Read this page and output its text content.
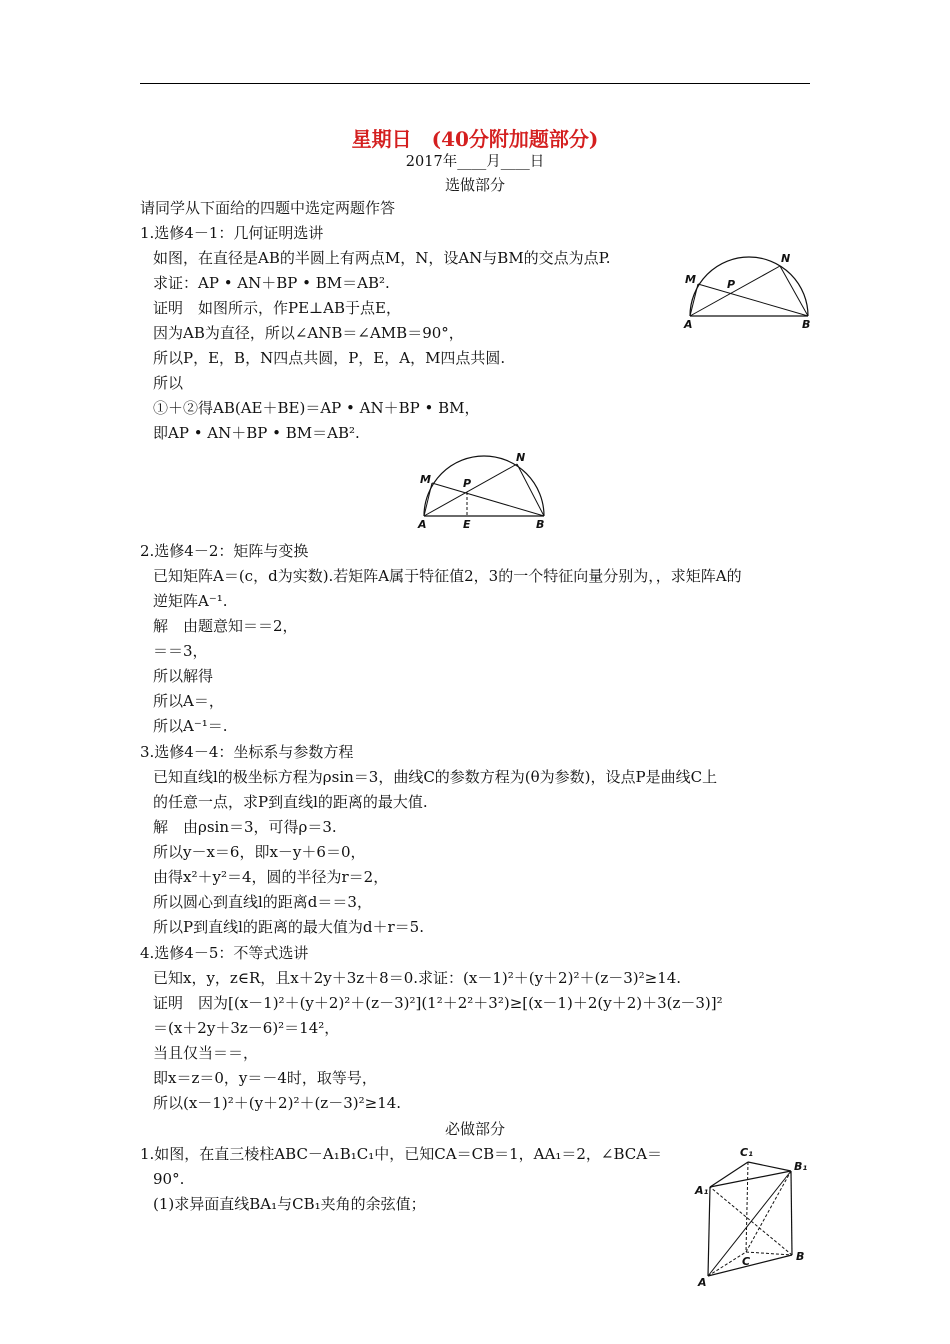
星期日　(40分附加题部分)
2017年____月____日
选做部分
请同学从下面给的四题中选定两题作答
1.选修4－1：几何证明选讲
如图，在直径是AB的半圆上有两点M，N，设AN与BM的交点为点P.
求证：AP • AN＋BP • BM＝AB².
证明　如图所示，作PE⊥AB于点E，
因为AB为直径，所以∠ANB＝∠AMB＝90°，
所以P，E，B，N四点共圆，P，E，A，M四点共圆.
所以
①＋②得AB(AE＋BE)＝AP • AN＋BP • BM，
即AP • AN＋BP • BM＝AB².
M
N
P
A	B
M
N
P
A	E	B
2.选修4－2：矩阵与变换
已知矩阵A＝(c，d为实数).若矩阵A属于特征值2，3的一个特征向量分别为，，求矩阵A的
逆矩阵A⁻¹.
解　由题意知＝＝2，
＝＝3，
所以解得
所以A＝，
所以A⁻¹＝.
3.选修4－4：坐标系与参数方程
已知直线l的极坐标方程为ρsin＝3，曲线C的参数方程为(θ为参数)，设点P是曲线C上
的任意一点，求P到直线l的距离的最大值.
解　由ρsin＝3，可得ρ＝3.
所以y－x＝6，即x－y＋6＝0，
由得x²＋y²＝4，圆的半径为r＝2，
所以圆心到直线l的距离d＝＝3，
所以P到直线l的距离的最大值为d＋r＝5.
4.选修4－5：不等式选讲
已知x，y，z∈R，且x＋2y＋3z＋8＝0.求证：(x－1)²＋(y＋2)²＋(z－3)²≥14.
证明　因为[(x－1)²＋(y＋2)²＋(z－3)²](1²＋2²＋3²)≥[(x－1)＋2(y＋2)＋3(z－3)]²
＝(x＋2y＋3z－6)²＝14²，
当且仅当＝＝，
即x＝z＝0，y＝－4时，取等号，
所以(x－1)²＋(y＋2)²＋(z－3)²≥14.
必做部分
1.如图，在直三棱柱ABC－A₁B₁C₁中，已知CA＝CB＝1，AA₁＝2，∠BCA＝
90°.
(1)求异面直线BA₁与CB₁夹角的余弦值；
C₁
B₁
A₁
C	B
A
